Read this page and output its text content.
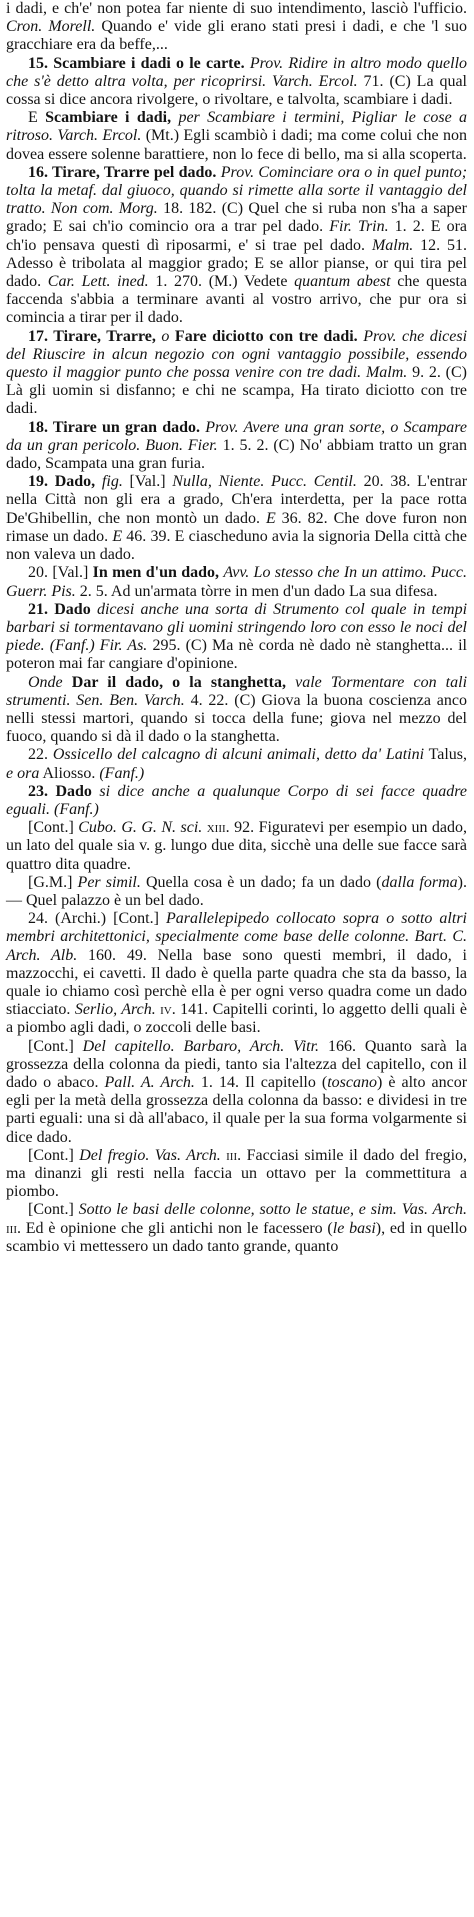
i dadi, e ch'e' non potea far niente di suo intendimento, lasciò l'ufficio. Cron. Morell. Quando e' vide gli erano stati presi i dadi, e che 'l suo gracchiare era da beffe,...

15. Scambiare i dadi o le carte. Prov. Ridire in altro modo quello che s'è detto altra volta, per ricoprirsi. Varch. Ercol. 71. (C) La qual cossa si dice ancora rivolgere, o rivoltare, e talvolta, scambiare i dadi.

E Scambiare i dadi, per Scambiare i termini, Pigliar le cose a ritroso. Varch. Ercol. (Mt.) Egli scambiò i dadi; ma come colui che non dovea essere solenne barattiere, non lo fece di bello, ma si alla scoperta.

16. Tirare, Trarre pel dado. Prov. Cominciare ora o in quel punto; tolta la metaf. dal giuoco, quando si rimette alla sorte il vantaggio del tratto. Non com. Morg. 18. 182. (C) Quel che si ruba non s'ha a saper grado; E sai ch'io comincio ora a trar pel dado. Fir. Trin. 1. 2. E ora ch'io pensava questi dì riposarmi, e' si trae pel dado. Malm. 12. 51. Adesso è tribolata al maggior grado; E se allor piansе, or qui tira pel dado. Car. Lett. ined. 1. 270. (M.) Vedete quantum abest che questa faccenda s'abbia a terminare avanti al vostro arrivo, che pur ora si comincia a tirar per il dado.

17. Tirare, Trarre, o Fare diciotto con tre dadi. Prov. che dicesi del Riuscire in alcun negozio con ogni vantaggio possibile, essendo questo il maggior punto che possa venire con tre dadi. Malm. 9. 2. (C) Là gli uomin si disfanno; e chi ne scampa, Ha tirato diciotto con tre dadi.

18. Tirare un gran dado. Prov. Avere una gran sorte, o Scampare da un gran pericolo. Buon. Fier. 1. 5. 2. (C) No' abbiam tratto un gran dado, Scampata una gran furia.

19. Dado, fig. [Val.] Nulla, Niente. Pucc. Centil. 20. 38. L'entrar nella Città non gli era a grado, Ch'era interdetta, per la pace rotta De'Ghibellin, che non montò un dado. E 36. 82. Che dove furon non rimase un dado. E 46. 39. E ciascheduno avia la signoria Della città che non valeva un dado.

20. [Val.] In men d'un dado, Avv. Lo stesso che In un attimo. Pucc. Guerr. Pis. 2. 5. Ad un'armata tòrre in men d'un dado La sua difesa.

21. Dado dicesi anche una sorta di Strumento col quale in tempi barbari si tormentavano gli uomini stringendo loro con esso le noci del piede. (Fanf.) Fir. As. 295. (C) Ma nè corda nè dado nè stanghetta... il poteron mai far cangiare d'opinione.

Onde Dar il dado, o la stanghetta, vale Tormentare con tali strumenti. Sen. Ben. Varch. 4. 22. (C) Giova la buona coscienza anco nelli stessi martori, quando si tocca della fune; giova nel mezzo del fuoco, quando si dà il dado o la stanghetta.

22. Ossicello del calcagno di alcuni animali, detto da' Latini Talus, e ora Aliosso. (Fanf.)

23. Dado si dice anche a qualunque Corpo di sei facce quadre eguali. (Fanf.)

[Cont.] Cubo. G. G. N. sci. xiii. 92. Figuratevi per esempio un dado, un lato del quale sia v. g. lungo due dita, sicchè una delle sue facce sarà quattro dita quadre.

[G.M.] Per simil. Quella cosa è un dado; fa un dado (dalla forma). — Quel palazzo è un bel dado.

24. (Archi.) [Cont.] Parallelepipedo collocato sopra o sotto altri membri architettonici, specialmente come base delle colonne. Bart. C. Arch. Alb. 160. 49. Nella base sono questi membri, il dado, i mazzocchi, ei cavetti. Il dado è quella parte quadra che sta da basso, la quale io chiamo così perchè ella è per ogni verso quadra come un dado stiacciato. Serlio, Arch. iv. 141. Capitelli corinti, lo aggetto delli quali è a piombo agli dadi, o zoccoli delle basi.

[Cont.] Del capitello. Barbaro, Arch. Vitr. 166. Quanto sarà la grossezza della colonna da piedi, tanto sia l'altezza del capitello, con il dado o abaco. Pall. A. Arch. 1. 14. Il capitello (toscano) è alto ancor egli per la metà della grossezza della colonna da basso: e dividesi in tre parti eguali: una si dà all'abaco, il quale per la sua forma volgarmente si dice dado.

[Cont.] Del fregio. Vas. Arch. iii. Facciasi simile il dado del fregio, ma dinanzi gli resti nella faccia un ottavo per la commettitura a piombo.

[Cont.] Sotto le basi delle colonne, sotto le statue, e sim. Vas. Arch. iii. Ed è opinione che gli antichi non le facessero (le basi), ed in quello scambio vi mettessero un dado tanto grande, quanto
